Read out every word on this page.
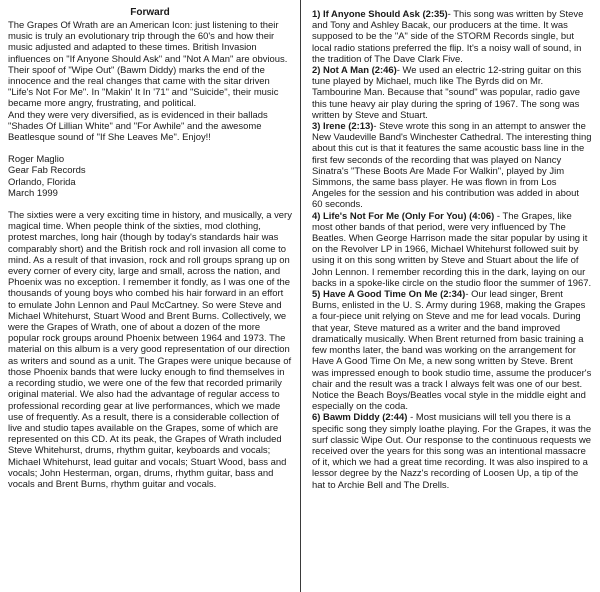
Forward

The Grapes Of Wrath are an American Icon: just listening to their music is truly an evolutionary trip through the 60's and how their music adjusted and adapted to these times. British Invasion influences on "If Anyone Should Ask" and "Not A Man" are obvious. Their spoof of "Wipe Out" (Bawm Diddy) marks the end of the innocence and the real changes that came with the sitar driven "Life's Not For Me". In "Makin' It In '71" and "Suicide", their music became more angry, frustrating, and political.

And they were very diversified, as is evidenced in their ballads "Shades Of Lillian White" and "For Awhile" and the awesome Beatlesque sound of "If She Leaves Me". Enjoy!!

Roger Maglio

Gear Fab Records

Orlando, Florida

March 1999

The sixties were a very exciting time in history, and musically, a very magical time. When people think of the sixties, mod clothing, protest marches, long hair (though by today's standards hair was comparably short) and the British rock and roll invasion all come to mind. As a result of that invasion, rock and roll groups sprang up on every corner of every city, large and small, across the nation, and Phoenix was no exception. I remember it fondly, as I was one of the thousands of young boys who combed his hair forward in an effort to emulate John Lennon and Paul McCartney. So were Steve and Michael Whitehurst, Stuart Wood and Brent Burns. Collectively, we were the Grapes of Wrath, one of about a dozen of the more popular rock groups around Phoenix between 1964 and 1973. The material on this album is a very good representation of our direction as writers and sound as a unit. The Grapes were unique because of those Phoenix bands that were lucky enough to find themselves in a recording studio, we were one of the few that recorded primarily original material. We also had the advantage of regular access to professional recording gear at live performances, which we made use of frequently. As a result, there is a considerable collection of live and studio tapes available on the Grapes, some of which are represented on this CD. At its peak, the Grapes of Wrath included Steve Whitehurst, drums, rhythm guitar, keyboards and vocals; Michael Whitehurst, lead guitar and vocals; Stuart Wood, bass and vocals; John Hesterman, organ, drums, rhythm guitar, bass and vocals and Brent Burns, rhythm guitar and vocals.

1) If Anyone Should Ask (2:35)- This song was written by Steve and Tony and Ashley Bacak, our producers at the time. It was supposed to be the "A" side of the STORM Records single, but local radio stations preferred the flip. It's a noisy wall of sound, in the tradition of The Dave Clark Five.

2) Not A Man (2:46)- We used an electric 12-string guitar on this tune played by Michael, much like The Byrds did on Mr. Tambourine Man. Because that "sound" was popular, radio gave this tune heavy air play during the spring of 1967. The song was written by Steve and Stuart.

3) Irene (2:13)- Steve wrote this song in an attempt to answer the New Vaudeville Band's Winchester Cathedral. The interesting thing about this cut is that it features the same acoustic bass line in the first few seconds of the recording that was played on Nancy Sinatra's "These Boots Are Made For Walkin", played by Jim Simmons, the same bass player. He was flown in from Los Angeles for the session and his contribution was added in about 60 seconds.

4) Life's Not For Me (Only For You) (4:06) - The Grapes, like most other bands of that period, were very influenced by The Beatles. When George Harrison made the sitar popular by using it on the Revolver LP in 1966, Michael Whitehurst followed suit by using it on this song written by Steve and Stuart about the life of John Lennon. I remember recording this in the dark, laying on our backs in a spoke-like circle on the studio floor the summer of 1967.

5) Have A Good Time On Me (2:34)- Our lead singer, Brent Burns, enlisted in the U. S. Army during 1968, making the Grapes a four-piece unit relying on Steve and me for lead vocals. During that year, Steve matured as a writer and the band improved dramatically musically. When Brent returned from basic training a few months later, the band was working on the arrangement for Have A Good Time On Me, a new song written by Steve. Brent was impressed enough to book studio time, assume the producer's chair and the result was a track I always felt was one of our best. Notice the Beach Boys/Beatles vocal style in the middle eight and especially on the coda.

6) Bawm Diddy (2:44) - Most musicians will tell you there is a specific song they simply loathe playing. For the Grapes, it was the surf classic Wipe Out. Our response to the continuous requests we received over the years for this song was an intentional massacre of it, which we had a great time recording. It was also inspired to a lessor degree by the Nazz's recording of Loosen Up, a tip of the hat to Archie Bell and The Drells.
